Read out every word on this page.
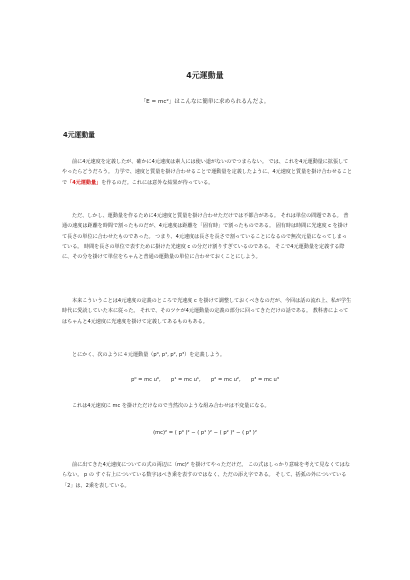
4元運動量
「E = mc²」はこんなに簡単に求められるんだよ。
4元運動量

前に4元速度を定義したが、確かに4元速度は素人には使い道がないのでつまらない。 では、これを4元運動量に拡張してやったらどうだろう。 力学で、速度と質量を掛け合わせることで運動量を定義したように、4元速度と質量を掛け合わせることで「4元運動量」を作るのだ。これには意外な結果が待っている。

ただ、しかし、運動量を作るために4元速度と質量を掛け合わせただけでは不都合がある。 それは単位の問題である。 普通の速度は距離を時間で割ったものだが、4元速度は距離を「固有時」で割ったものである。 固有時は時間に光速度 c を掛けて長さの単位に合わせたものであった。 つまり、4元速度は長さを長さで割っていることになるので無次元量になってしまっている。 時間を長さの単位で表すために掛けた光速度 c の分だけ割りすぎているのである。 そこで4元運動量を定義する際に、その分を掛けて単位をちゃんと普通の運動量の単位に合わせておくことにしよう。

本来こういうことは4元速度の定義のところで光速度 c を掛けて調整しておくべきなのだが、今回は話の流れ上、私が学生時代に愛読していた本に従った。 それで、そのツケが4元運動量の定義の部分に回ってきただけの話である。 教科書によってはちゃんと4元速度に光速度を掛けて定義してあるものもある。

とにかく、次のように４元運動量（p⁰, p¹, p², p³）を定義しよう。

p⁰ = mc u⁰,　　p¹ = mc u¹,　　p² = mc u²,　　p³ = mc u³

これは4元速度に mc を掛けただけなので当然次のような組み合わせは不変量になる。

(mc)² = ( p⁰ )² − ( p¹ )² − ( p² )² − ( p³ )²

前に出てきた4元速度についての式の両辺に（mc)² を掛けてやっただけだ。 この式はしっかり意味を考えて見なくてはならない。 p の すぐ右上についている数字はべき乗を表すのではなく、ただの添え字である。 そして、括弧の外についている「2」は、2乗を表している。
